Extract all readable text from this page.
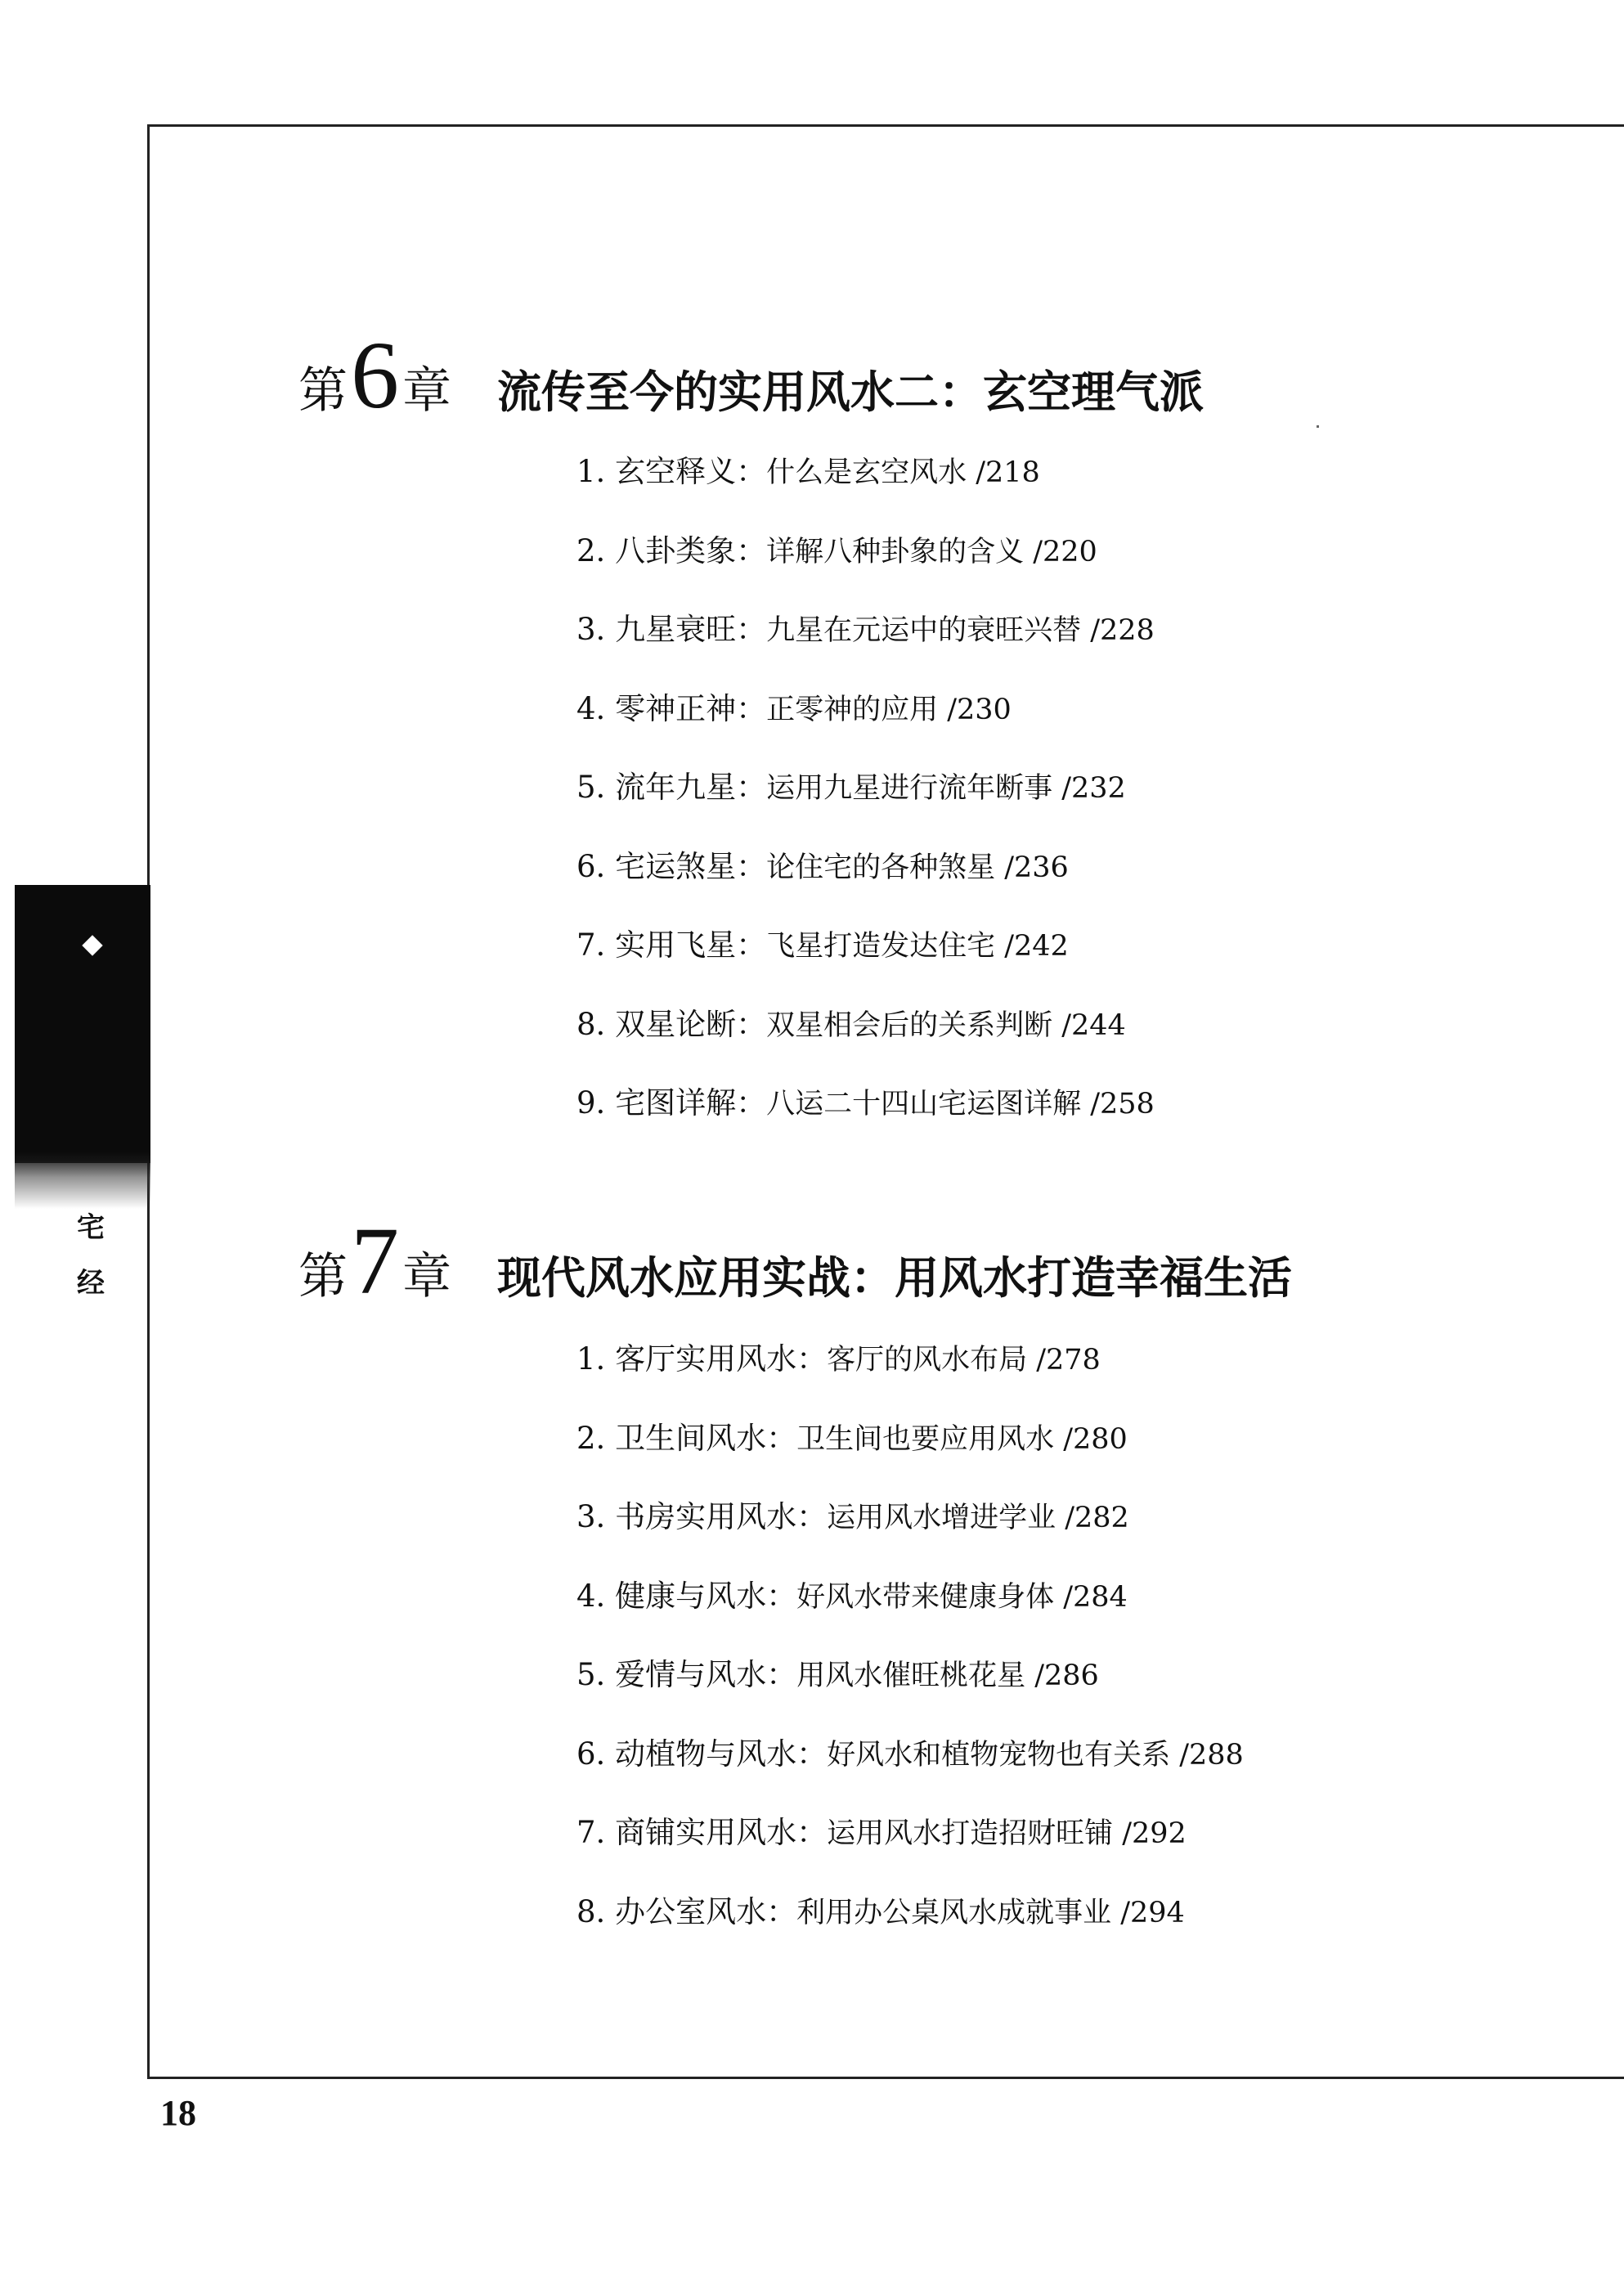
宅
经
第6章 流传至今的实用风水二：玄空理气派
1. 玄空释义：什么是玄空风水 /218
2. 八卦类象：详解八种卦象的含义 /220
3. 九星衰旺：九星在元运中的衰旺兴替 /228
4. 零神正神：正零神的应用 /230
5. 流年九星：运用九星进行流年断事 /232
6. 宅运煞星：论住宅的各种煞星 /236
7. 实用飞星：飞星打造发达住宅 /242
8. 双星论断：双星相会后的关系判断 /244
9. 宅图详解：八运二十四山宅运图详解 /258
第7章 现代风水应用实战：用风水打造幸福生活
1. 客厅实用风水：客厅的风水布局 /278
2. 卫生间风水：卫生间也要应用风水 /280
3. 书房实用风水：运用风水增进学业 /282
4. 健康与风水：好风水带来健康身体 /284
5. 爱情与风水：用风水催旺桃花星 /286
6. 动植物与风水：好风水和植物宠物也有关系 /288
7. 商铺实用风水：运用风水打造招财旺铺 /292
8. 办公室风水：利用办公桌风水成就事业 /294
18
